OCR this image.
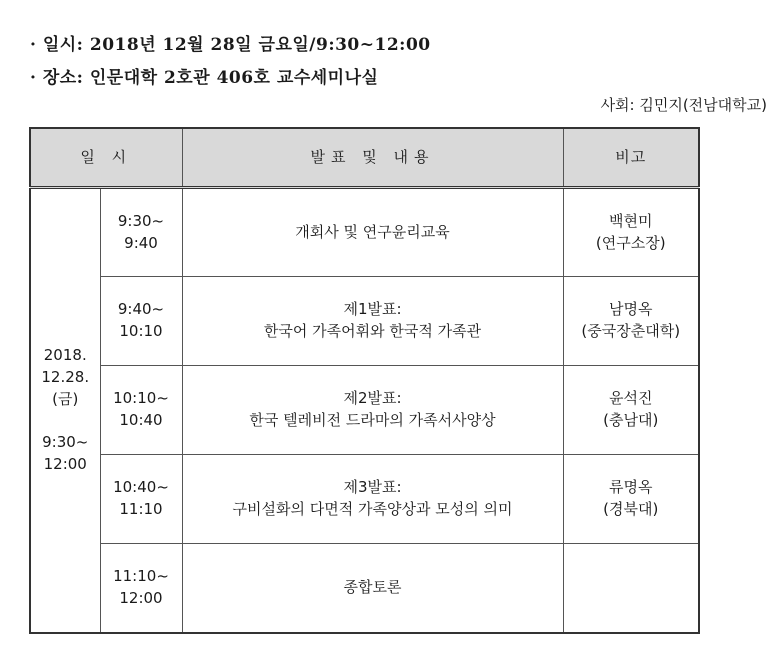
· 일시: 2018년 12월 28일 금요일/9:30~12:00
· 장소: 인문대학 2호관 406호 교수세미나실
사회: 김민지(전남대학교)
일 시		발표 및 내용	비고

2018.
12.28.
(금)

9:30~
12:00	9:30~
9:40	개회사 및 연구윤리교육	백현미
(연구소장)

	9:40~
10:10	제1발표:
한국어 가족어휘와 한국적 가족관	남명옥
(중국장춘대학)

	10:10~
10:40	제2발표:
한국 텔레비전 드라마의 가족서사양상	윤석진
(충남대)

	10:40~
11:10	제3발표:
구비설화의 다면적 가족양상과 모성의 의미	류명옥
(경북대)

	11:10~
12:00	종합토론	
